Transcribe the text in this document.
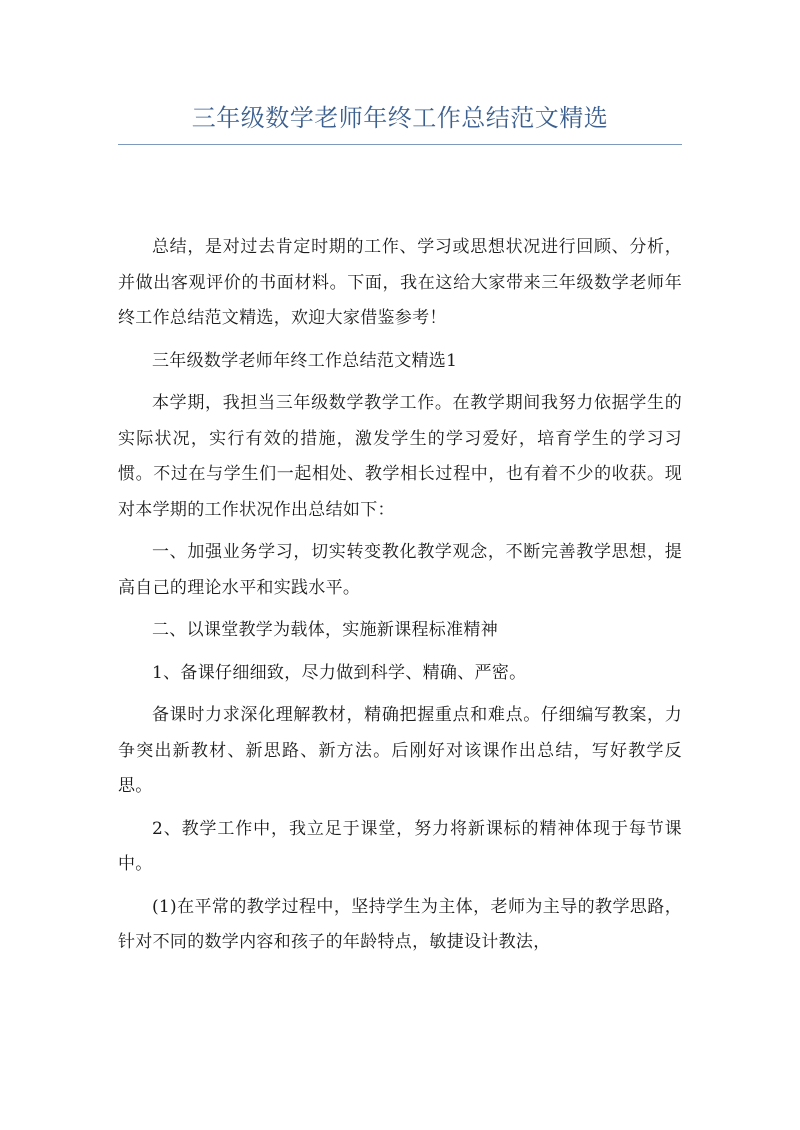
三年级数学老师年终工作总结范文精选

总结，是对过去肯定时期的工作、学习或思想状况进行回顾、分析，并做出客观评价的书面材料。下面，我在这给大家带来三年级数学老师年终工作总结范文精选，欢迎大家借鉴参考！

三年级数学老师年终工作总结范文精选1

本学期，我担当三年级数学教学工作。在教学期间我努力依据学生的实际状况，实行有效的措施，激发学生的学习爱好，培育学生的学习习惯。不过在与学生们一起相处、教学相长过程中，也有着不少的收获。现对本学期的工作状况作出总结如下：

一、加强业务学习，切实转变教化教学观念，不断完善教学思想，提高自己的理论水平和实践水平。

二、以课堂教学为载体，实施新课程标准精神

1、备课仔细细致，尽力做到科学、精确、严密。

备课时力求深化理解教材，精确把握重点和难点。仔细编写教案，力争突出新教材、新思路、新方法。后刚好对该课作出总结，写好教学反思。

2、教学工作中，我立足于课堂，努力将新课标的精神体现于每节课中。

(1)在平常的教学过程中，坚持学生为主体，老师为主导的教学思路，针对不同的数学内容和孩子的年龄特点，敏捷设计教法，
